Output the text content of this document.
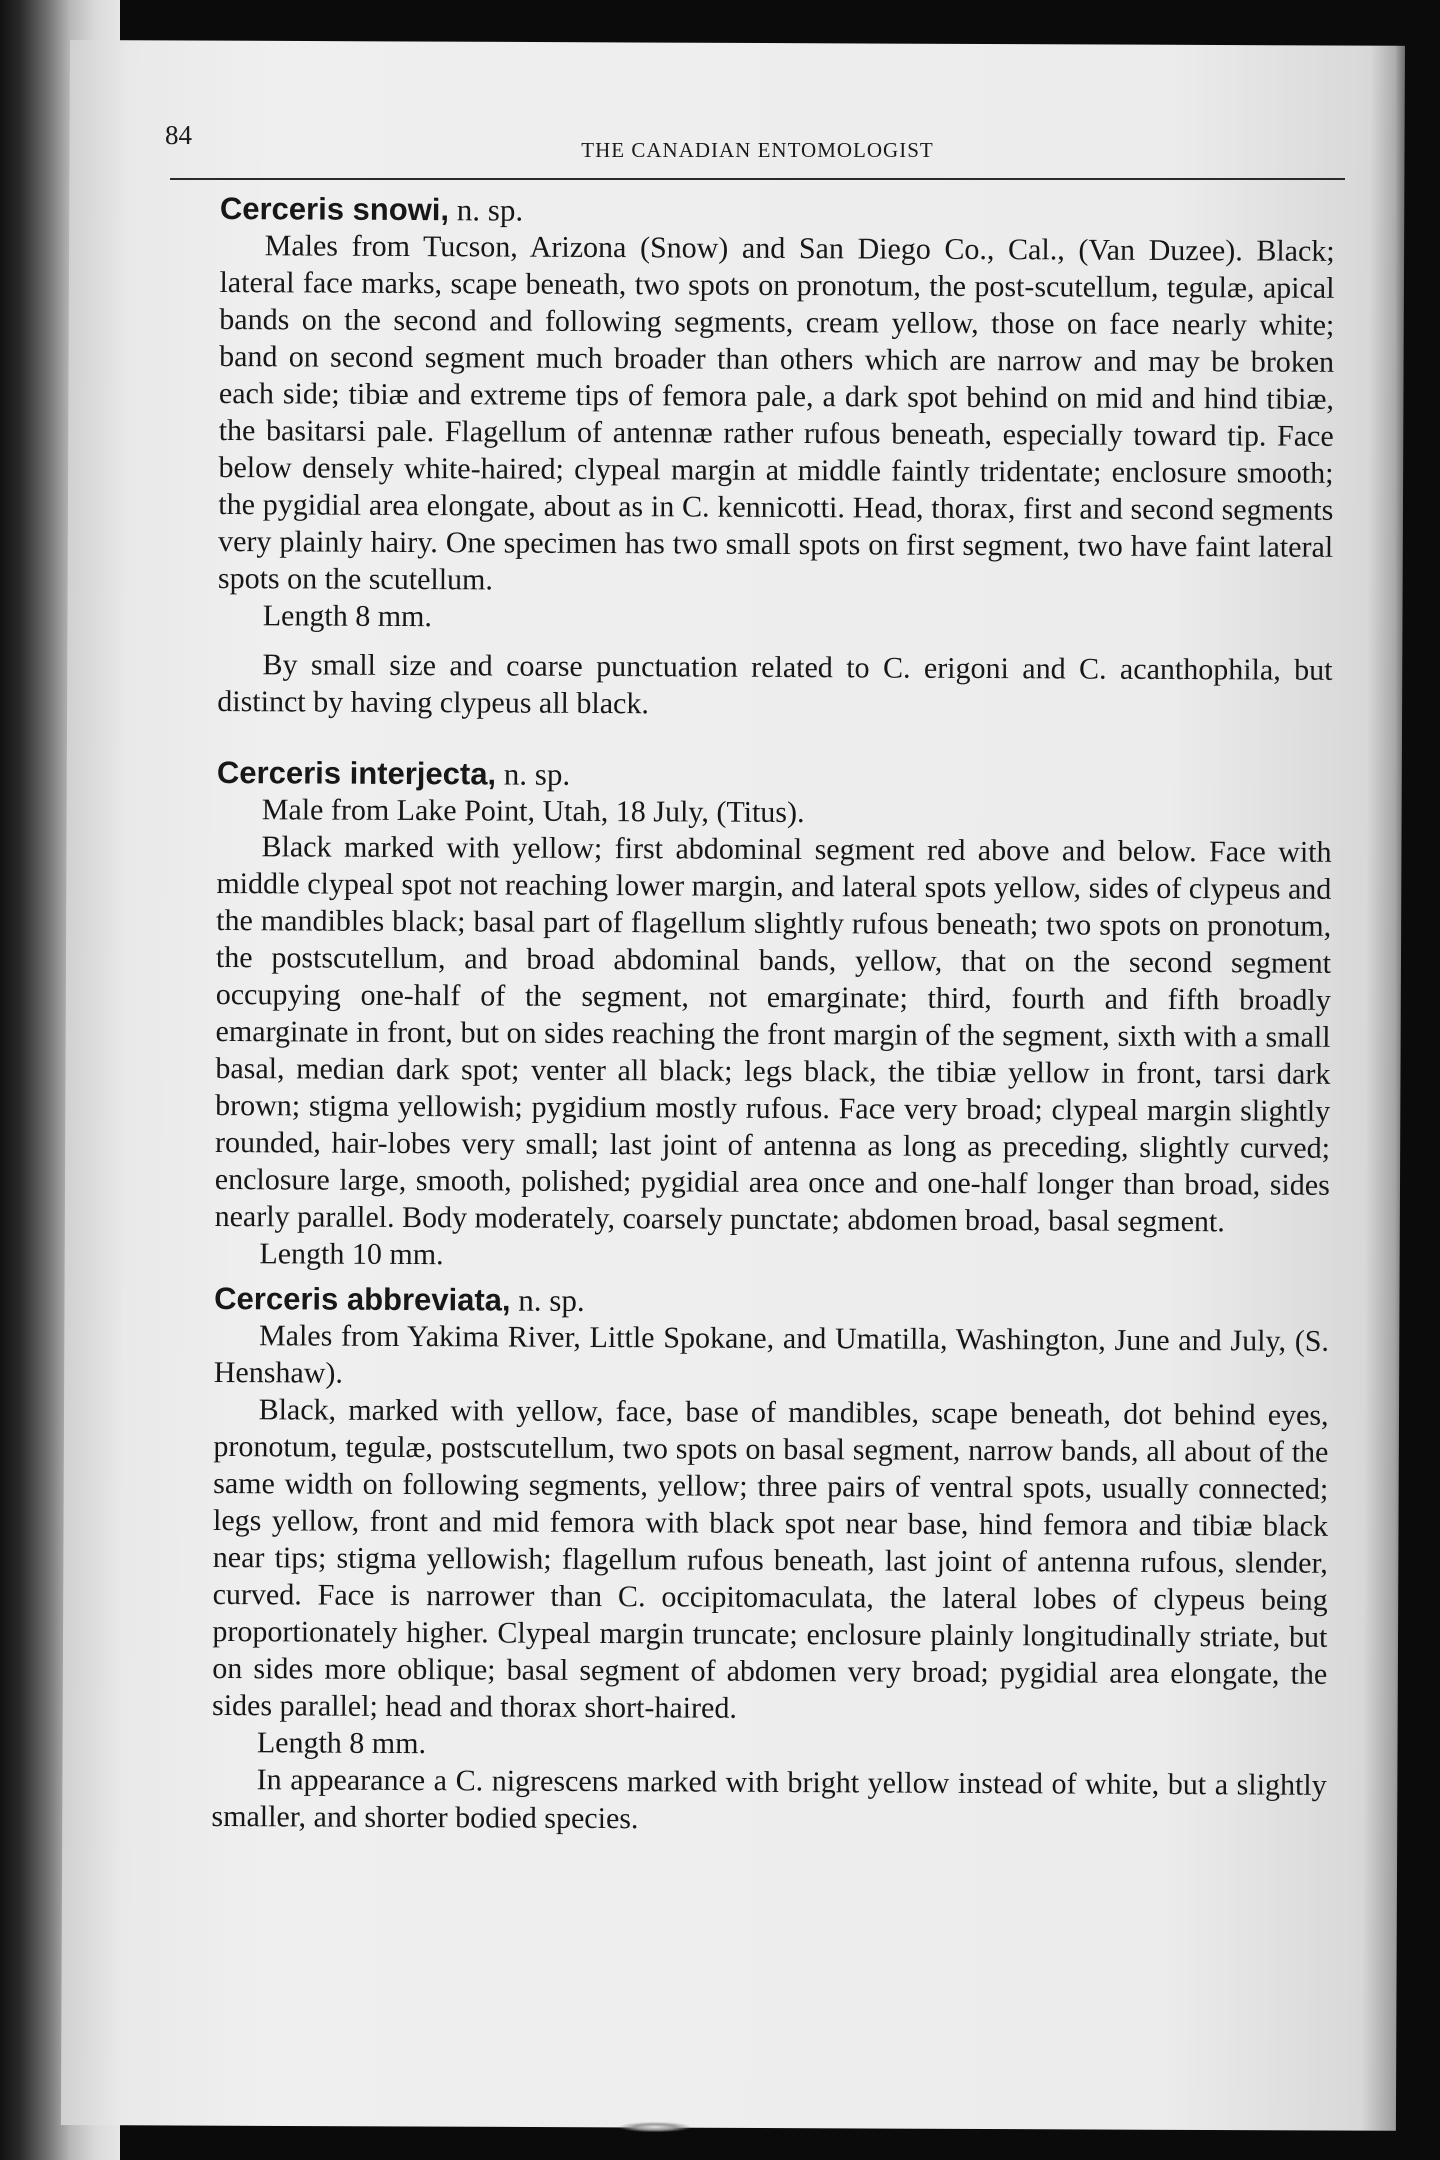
84	THE CANADIAN ENTOMOLOGIST

Cerceris snowi, n. sp.

Males from Tucson, Arizona (Snow) and San Diego Co., Cal., (Van Duzee). Black; lateral face marks, scape beneath, two spots on pronotum, the post-scutellum, tegulæ, apical bands on the second and following segments, cream yellow, those on face nearly white; band on second segment much broader than others which are narrow and may be broken each side; tibiæ and extreme tips of femora pale, a dark spot behind on mid and hind tibiæ, the basitarsi pale. Flagellum of antennæ rather rufous beneath, especially toward tip. Face below densely white-haired; clypeal margin at middle faintly tridentate; enclosure smooth; the pygidial area elongate, about as in C. kennicotti. Head, thorax, first and second segments very plainly hairy. One specimen has two small spots on first segment, two have faint lateral spots on the scutellum.

Length 8 mm.

By small size and coarse punctuation related to C. erigoni and C. acanthophila, but distinct by having clypeus all black.

Cerceris interjecta, n. sp.

Male from Lake Point, Utah, 18 July, (Titus).

Black marked with yellow; first abdominal segment red above and below. Face with middle clypeal spot not reaching lower margin, and lateral spots yellow, sides of clypeus and the mandibles black; basal part of flagellum slightly rufous beneath; two spots on pronotum, the postscutellum, and broad abdominal bands, yellow, that on the second segment occupying one-half of the segment, not emarginate; third, fourth and fifth broadly emarginate in front, but on sides reaching the front margin of the segment, sixth with a small basal, median dark spot; venter all black; legs black, the tibiæ yellow in front, tarsi dark brown; stigma yellowish; pygidium mostly rufous. Face very broad; clypeal margin slightly rounded, hair-lobes very small; last joint of antenna as long as preceding, slightly curved; enclosure large, smooth, polished; pygidial area once and one-half longer than broad, sides nearly parallel. Body moderately, coarsely punctate; abdomen broad, basal segment.

Length 10 mm.

Cerceris abbreviata, n. sp.

Males from Yakima River, Little Spokane, and Umatilla, Washington, June and July, (S. Henshaw).

Black, marked with yellow, face, base of mandibles, scape beneath, dot behind eyes, pronotum, tegulæ, postscutellum, two spots on basal segment, narrow bands, all about of the same width on following segments, yellow; three pairs of ventral spots, usually connected; legs yellow, front and mid femora with black spot near base, hind femora and tibiæ black near tips; stigma yellowish; flagellum rufous beneath, last joint of antenna rufous, slender, curved. Face is narrower than C. occipitomaculata, the lateral lobes of clypeus being proportionately higher. Clypeal margin truncate; enclosure plainly longitudinally striate, but on sides more oblique; basal segment of abdomen very broad; pygidial area elongate, the sides parallel; head and thorax short-haired.

Length 8 mm.

In appearance a C. nigrescens marked with bright yellow instead of white, but a slightly smaller, and shorter bodied species.
